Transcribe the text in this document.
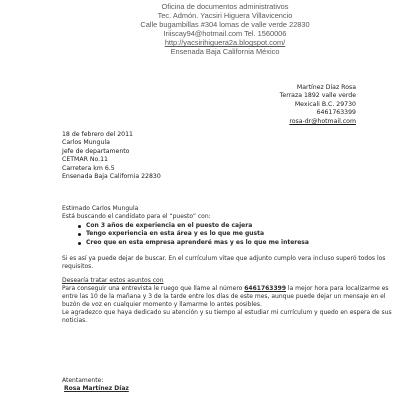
Oficina de documentos administrativos
Tec. Admón. Yacsiri Higuera Villavicencio
Calle bugambillas #304 lomas de valle verde 22830
Iriiscay94@hotmail.com Tel. 1560006
http://yacsirihiguera2a.blogspot.com/
Ensenada Baja California México
Martínez Díaz Rosa
Terraza 1892 valle verde
Mexicali B.C. 29730
6461763399
rosa-dr@hotmail.com
18 de febrero del 2011
Carlos Mungula
Jefe de departamento
CETMAR No.11
Carretera km 6.5
Ensenada Baja California 22830

Estimado Carlos Mungula

Está buscando el candidato para el “puesto” con:

Con 3 años de experiencia en el puesto de cajera
Tengo experiencia en esta área y es lo que me gusta
Creo que en esta empresa aprenderé mas y es lo que me interesa

Si es así ya puede dejar de buscar. En el currículum vitae que adjunto cumplo vera incluso superó todos los requisitos.

Desearía tratar estos asuntos con

Para conseguir una entrevista le ruego que llame al número 6461763399 la mejor hora para localizarme es entre las 10 de la mañana y 3 de la tarde entre los días de este mes, aunque puede dejar un mensaje en el buzón de voz en cualquier momento y llamarme lo antes posibles.

Le agradezco que haya dedicado su atención y su tiempo al estudiar mi currículum y quedo en espera de sus noticias.

Atentamente:
Rosa Martínez Díaz
